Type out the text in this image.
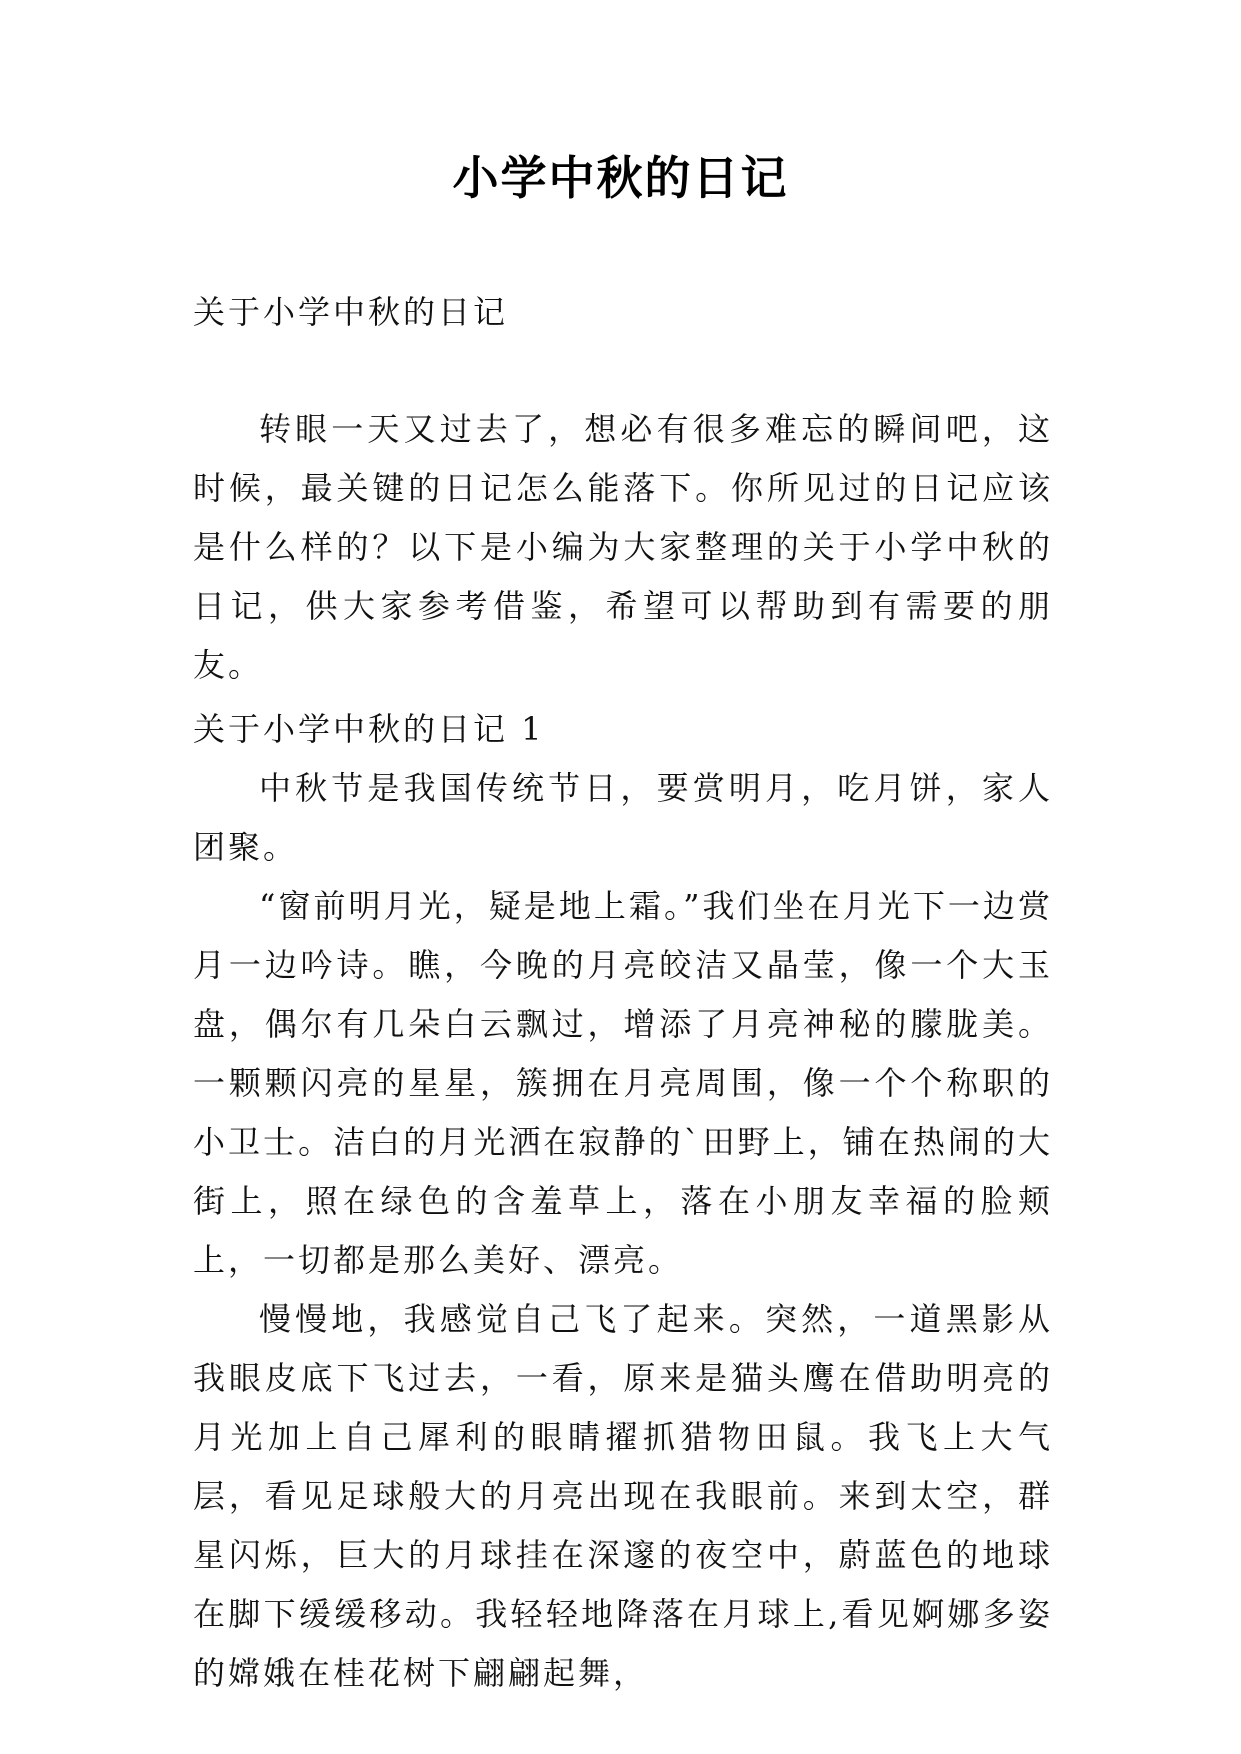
小学中秋的日记
关于小学中秋的日记

转眼一天又过去了，想必有很多难忘的瞬间吧，这时候，最关键的日记怎么能落下。你所见过的日记应该是什么样的？以下是小编为大家整理的关于小学中秋的日记，供大家参考借鉴，希望可以帮助到有需要的朋友。

关于小学中秋的日记 1

中秋节是我国传统节日，要赏明月，吃月饼，家人团聚。

“窗前明月光，疑是地上霜。”我们坐在月光下一边赏月一边吟诗。瞧，今晚的月亮皎洁又晶莹，像一个大玉盘，偶尔有几朵白云飘过，增添了月亮神秘的朦胧美。一颗颗闪亮的星星，簇拥在月亮周围，像一个个称职的小卫士。洁白的月光洒在寂静的`田野上，铺在热闹的大街上，照在绿色的含羞草上，落在小朋友幸福的脸颊上，一切都是那么美好、漂亮。

慢慢地，我感觉自己飞了起来。突然，一道黑影从我眼皮底下飞过去，一看，原来是猫头鹰在借助明亮的月光加上自己犀利的眼睛擢抓猎物田鼠。我飞上大气层，看见足球般大的月亮出现在我眼前。来到太空，群星闪烁，巨大的月球挂在深邃的夜空中，蔚蓝色的地球在脚下缓缓移动。我轻轻地降落在月球上,看见婀娜多姿的嫦娥在桂花树下翩翩起舞，
